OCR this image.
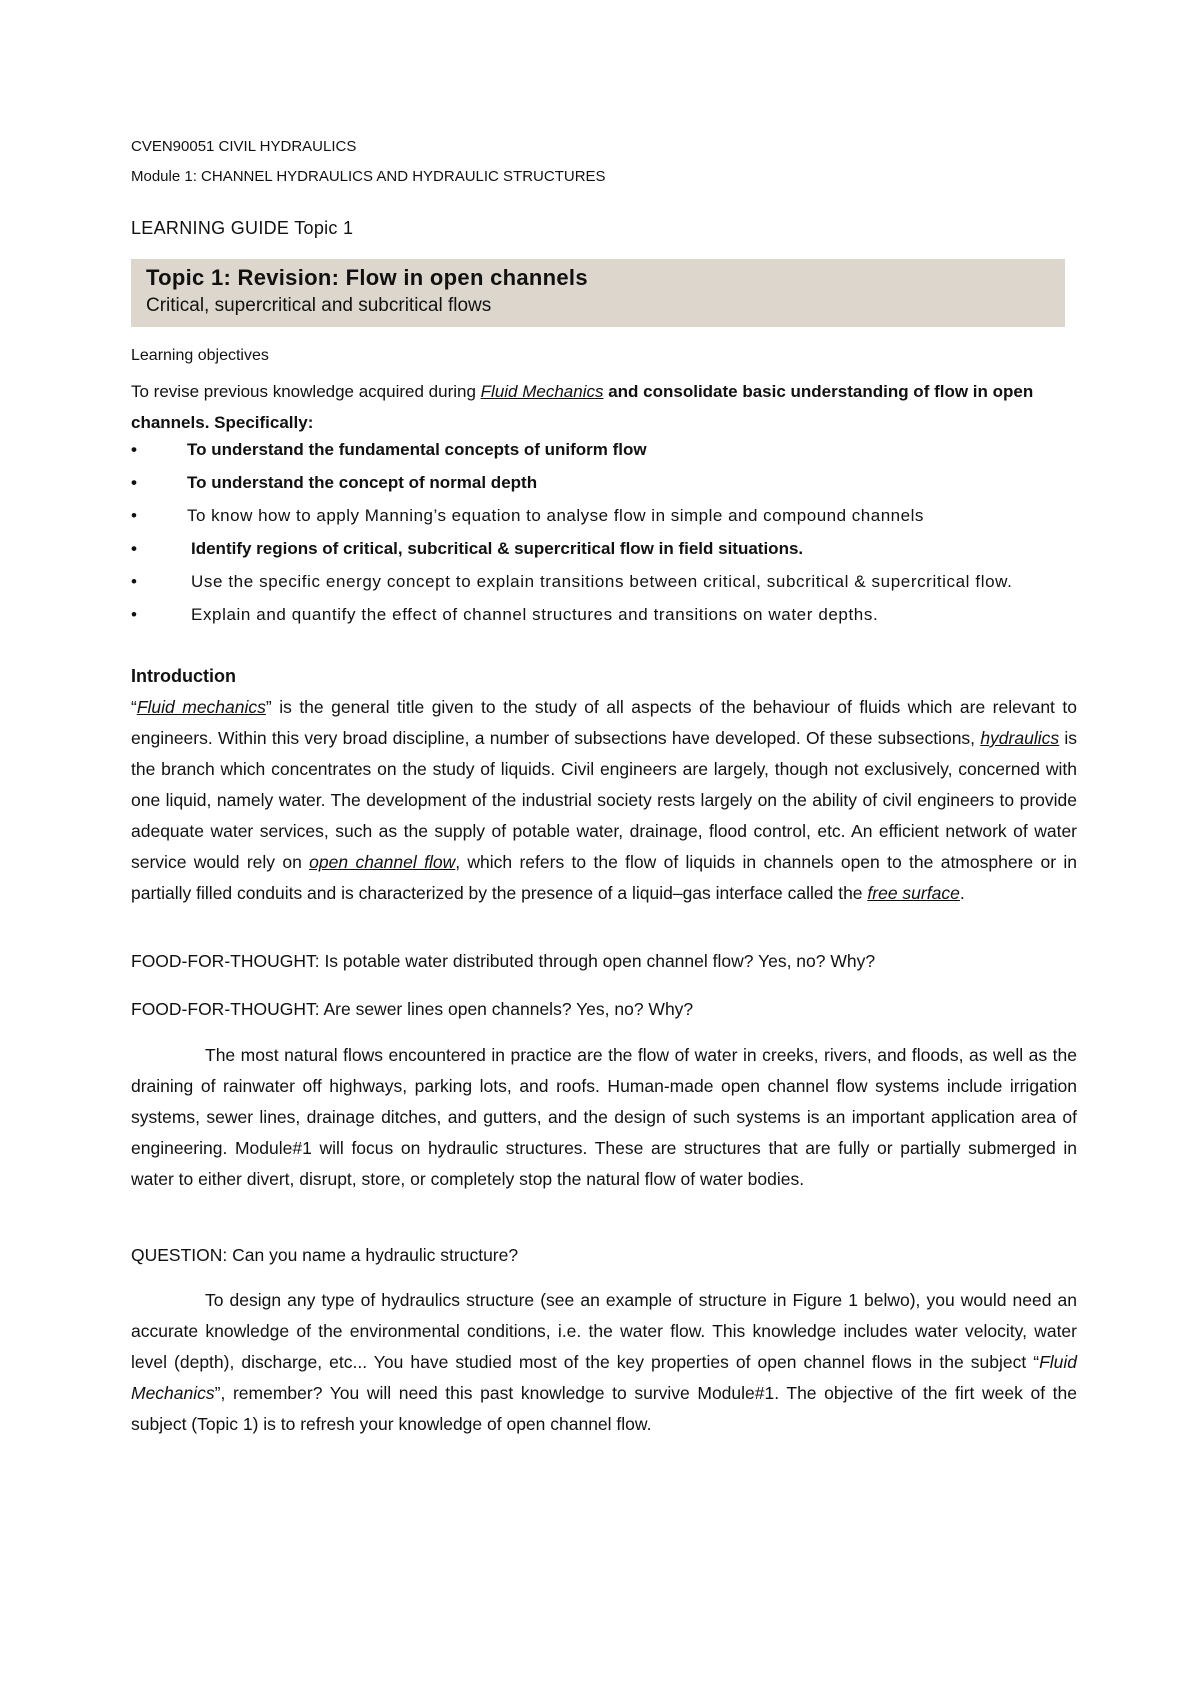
CVEN90051 CIVIL HYDRAULICS
Module 1: CHANNEL HYDRAULICS AND HYDRAULIC STRUCTURES
LEARNING GUIDE Topic 1
Topic 1: Revision: Flow in open channels
Critical, supercritical and subcritical flows
Learning objectives
To revise previous knowledge acquired during Fluid Mechanics and consolidate basic understanding of flow in open channels. Specifically:
•	To understand the fundamental concepts of uniform flow
•	To understand the concept of normal depth
•	To know how to apply Manning’s equation to analyse flow in simple and compound channels
•	Identify regions of critical, subcritical & supercritical flow in field situations.
•	Use the specific energy concept to explain transitions between critical, subcritical & supercritical flow.
•	Explain and quantify the effect of channel structures and transitions on water depths.
Introduction
“Fluid mechanics” is the general title given to the study of all aspects of the behaviour of fluids which are relevant to engineers. Within this very broad discipline, a number of subsections have developed. Of these subsections, hydraulics is the branch which concentrates on the study of liquids. Civil engineers are largely, though not exclusively, concerned with one liquid, namely water. The development of the industrial society rests largely on the ability of civil engineers to provide adequate water services, such as the supply of potable water, drainage, flood control, etc. An efficient network of water service would rely on open channel flow, which refers to the flow of liquids in channels open to the atmosphere or in partially filled conduits and is characterized by the presence of a liquid–gas interface called the free surface.
FOOD-FOR-THOUGHT: Is potable water distributed through open channel flow? Yes, no? Why?
FOOD-FOR-THOUGHT: Are sewer lines open channels? Yes, no? Why?
The most natural flows encountered in practice are the flow of water in creeks, rivers, and floods, as well as the draining of rainwater off highways, parking lots, and roofs. Human-made open channel flow systems include irrigation systems, sewer lines, drainage ditches, and gutters, and the design of such systems is an important application area of engineering. Module#1 will focus on hydraulic structures. These are structures that are fully or partially submerged in water to either divert, disrupt, store, or completely stop the natural flow of water bodies.
QUESTION: Can you name a hydraulic structure?
To design any type of hydraulics structure (see an example of structure in Figure 1 belwo), you would need an accurate knowledge of the environmental conditions, i.e. the water flow. This knowledge includes water velocity, water level (depth), discharge, etc... You have studied most of the key properties of open channel flows in the subject “Fluid Mechanics”, remember? You will need this past knowledge to survive Module#1. The objective of the firt week of the subject (Topic 1) is to refresh your knowledge of open channel flow.
